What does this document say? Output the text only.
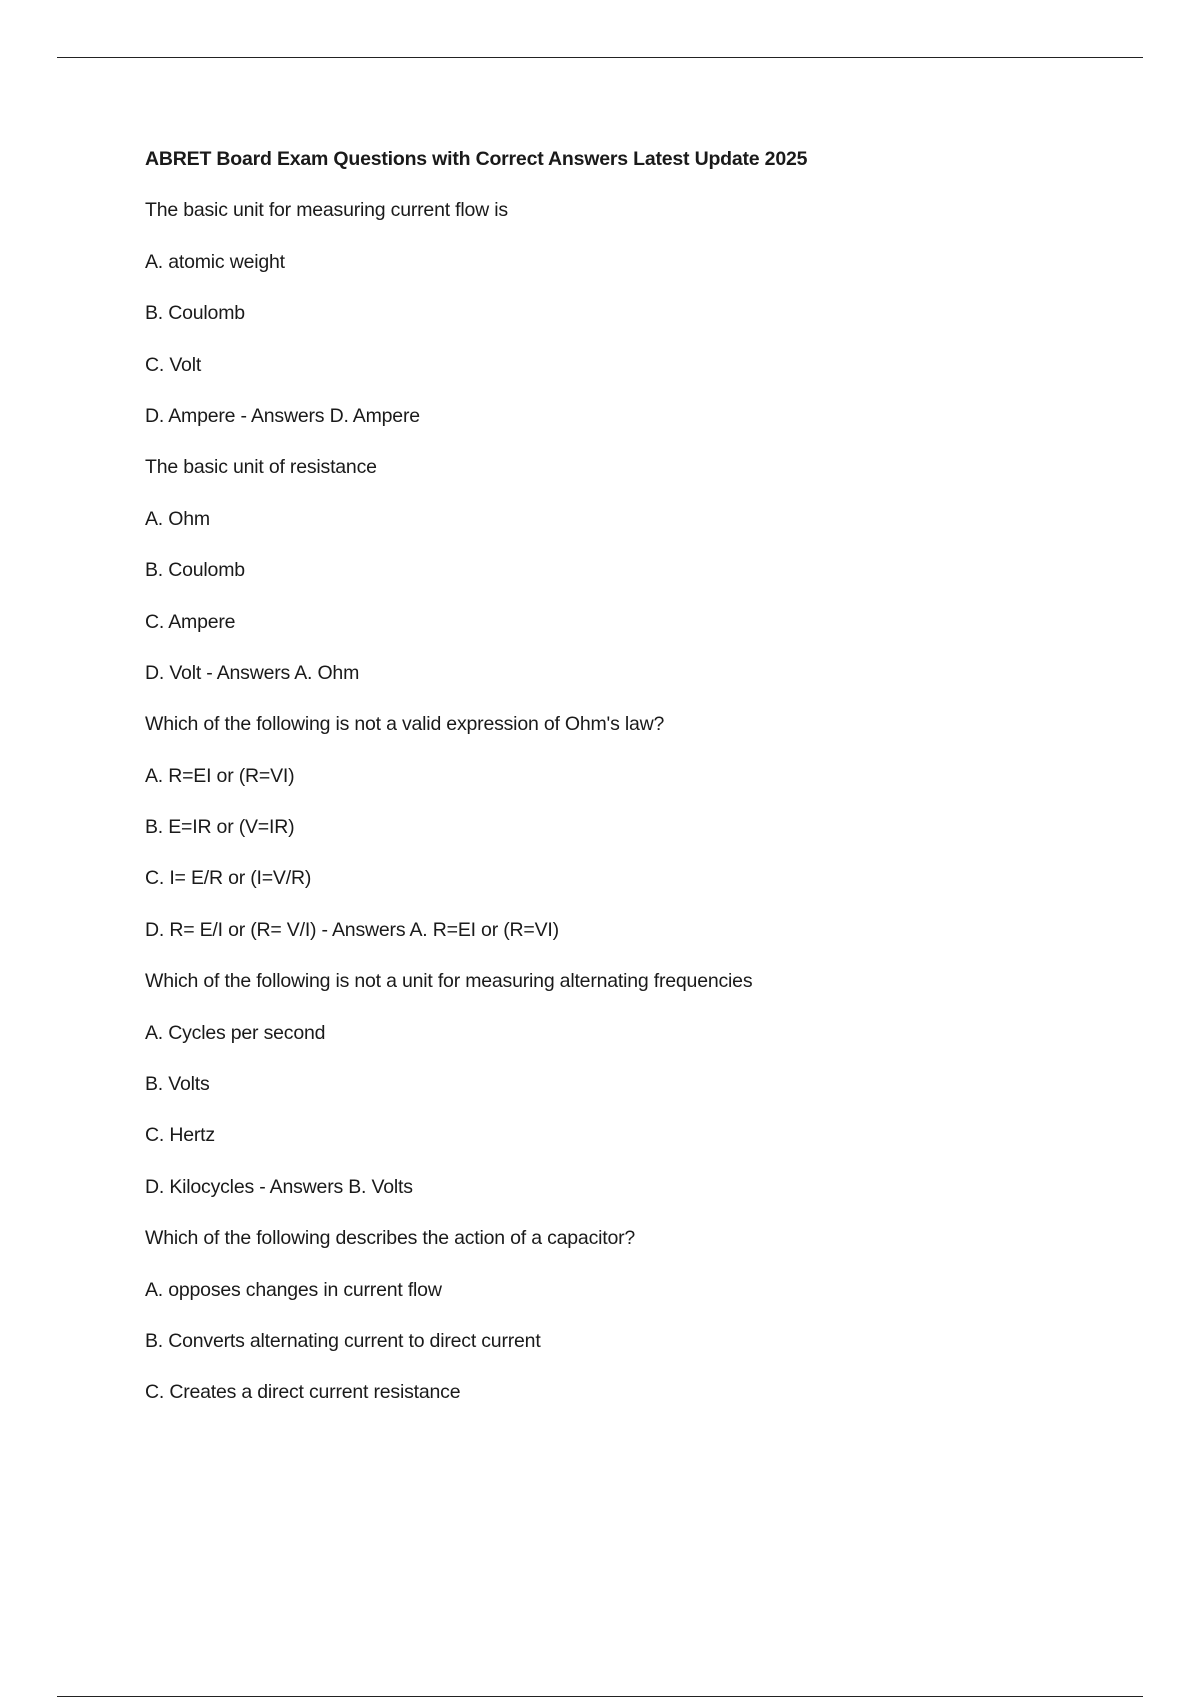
ABRET Board Exam Questions with Correct Answers Latest Update 2025
The basic unit for measuring current flow is
A. atomic weight
B. Coulomb
C. Volt
D. Ampere - Answers D. Ampere
The basic unit of resistance
A. Ohm
B. Coulomb
C. Ampere
D. Volt - Answers A. Ohm
Which of the following is not a valid expression of Ohm's law?
A. R=EI or (R=VI)
B. E=IR or (V=IR)
C. I= E/R or (I=V/R)
D. R= E/I or (R= V/I) - Answers A. R=EI or (R=VI)
Which of the following is not a unit for measuring alternating frequencies
A. Cycles per second
B. Volts
C. Hertz
D. Kilocycles - Answers B. Volts
Which of the following describes the action of a capacitor?
A. opposes changes in current flow
B. Converts alternating current to direct current
C. Creates a direct current resistance
